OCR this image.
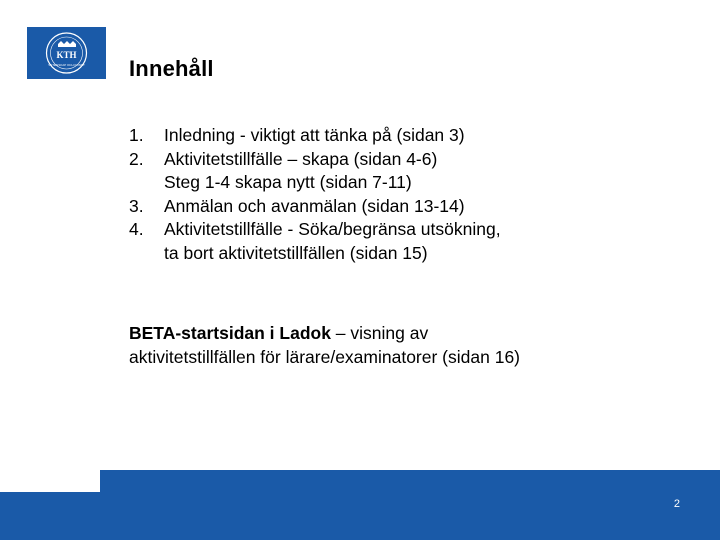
KTH
VETENSKAP OCH KONST Innehåll
1.	Inledning - viktigt att tänka på (sidan 3)
2.	Aktivitetstillfälle – skapa (sidan 4-6)
Steg 1-4 skapa nytt (sidan 7-11)
3.	Anmälan och avanmälan (sidan 13-14)
4.	Aktivitetstillfälle - Söka/begränsa utsökning,
ta bort aktivitetstillfällen (sidan 15)
BETA-startsidan i Ladok – visning av aktivitetstillfällen för lärare/examinatorer (sidan 16)
2
